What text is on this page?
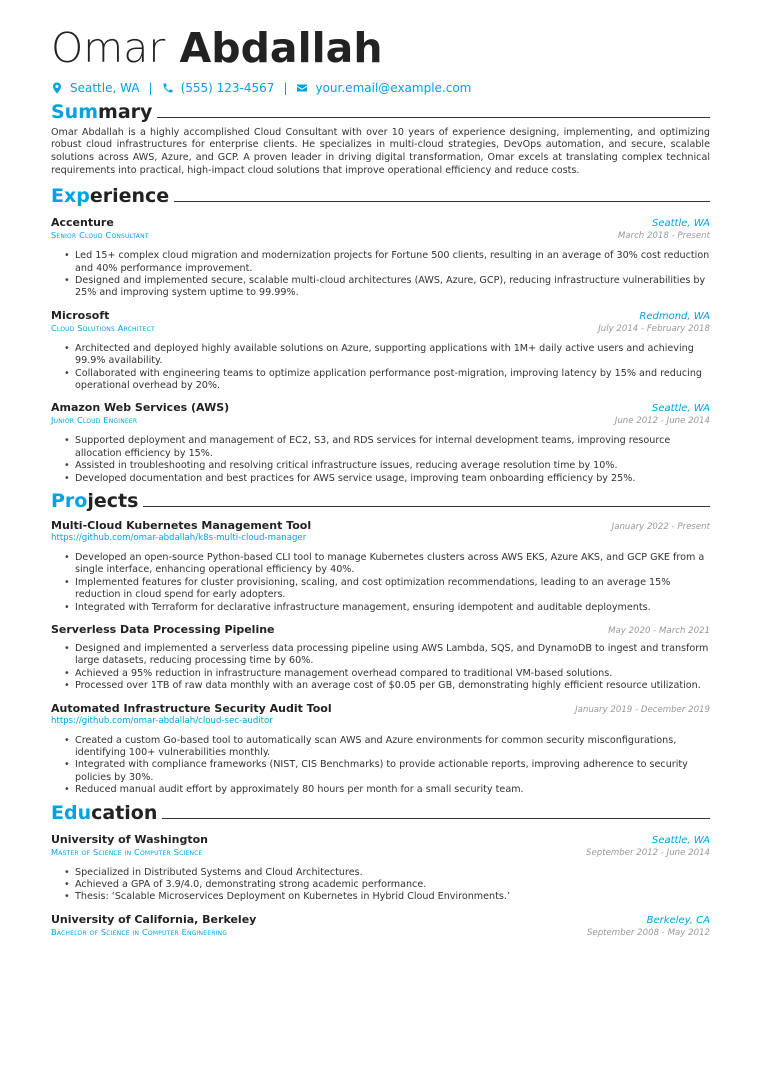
Omar Abdallah
Seattle, WA | (555) 123-4567 | your.email@example.com
Summary

Omar Abdallah is a highly accomplished Cloud Consultant with over 10 years of experience designing, implementing, and optimizing robust cloud infrastructures for enterprise clients. He specializes in multi-cloud strategies, DevOps automation, and secure, scalable solutions across AWS, Azure, and GCP. A proven leader in driving digital transformation, Omar excels at translating complex technical requirements into practical, high-impact cloud solutions that improve operational efficiency and reduce costs.

Experience
Accenture	Seattle, WA
Senior Cloud Consultant	March 2018 - Present
• Led 15+ complex cloud migration and modernization projects for Fortune 500 clients, resulting in an average of 30% cost reduction and 40% performance improvement.
• Designed and implemented secure, scalable multi-cloud architectures (AWS, Azure, GCP), reducing infrastructure vulnerabilities by 25% and improving system uptime to 99.99%.
Microsoft	Redmond, WA
Cloud Solutions Architect	July 2014 - February 2018
• Architected and deployed highly available solutions on Azure, supporting applications with 1M+ daily active users and achieving 99.9% availability.
• Collaborated with engineering teams to optimize application performance post-migration, improving latency by 15% and reducing operational overhead by 20%.
Amazon Web Services (AWS)	Seattle, WA
Junior Cloud Engineer	June 2012 - June 2014
• Supported deployment and management of EC2, S3, and RDS services for internal development teams, improving resource allocation efficiency by 15%.
• Assisted in troubleshooting and resolving critical infrastructure issues, reducing average resolution time by 10%.
• Developed documentation and best practices for AWS service usage, improving team onboarding efficiency by 25%.
Projects
Multi-Cloud Kubernetes Management Tool	January 2022 - Present
https://github.com/omar-abdallah/k8s-multi-cloud-manager
• Developed an open-source Python-based CLI tool to manage Kubernetes clusters across AWS EKS, Azure AKS, and GCP GKE from a single interface, enhancing operational efficiency by 40%.
• Implemented features for cluster provisioning, scaling, and cost optimization recommendations, leading to an average 15% reduction in cloud spend for early adopters.
• Integrated with Terraform for declarative infrastructure management, ensuring idempotent and auditable deployments.
Serverless Data Processing Pipeline	May 2020 - March 2021
• Designed and implemented a serverless data processing pipeline using AWS Lambda, SQS, and DynamoDB to ingest and transform large datasets, reducing processing time by 60%.
• Achieved a 95% reduction in infrastructure management overhead compared to traditional VM-based solutions.
• Processed over 1TB of raw data monthly with an average cost of $0.05 per GB, demonstrating highly efficient resource utilization.
Automated Infrastructure Security Audit Tool	January 2019 - December 2019
https://github.com/omar-abdallah/cloud-sec-auditor
• Created a custom Go-based tool to automatically scan AWS and Azure environments for common security misconfigurations, identifying 100+ vulnerabilities monthly.
• Integrated with compliance frameworks (NIST, CIS Benchmarks) to provide actionable reports, improving adherence to security policies by 30%.
• Reduced manual audit effort by approximately 80 hours per month for a small security team.
Education
University of Washington	Seattle, WA
Master of Science in Computer Science	September 2012 - June 2014
• Specialized in Distributed Systems and Cloud Architectures.
• Achieved a GPA of 3.9/4.0, demonstrating strong academic performance.
• Thesis: ‘Scalable Microservices Deployment on Kubernetes in Hybrid Cloud Environments.’
University of California, Berkeley	Berkeley, CA
Bachelor of Science in Computer Engineering	September 2008 - May 2012
